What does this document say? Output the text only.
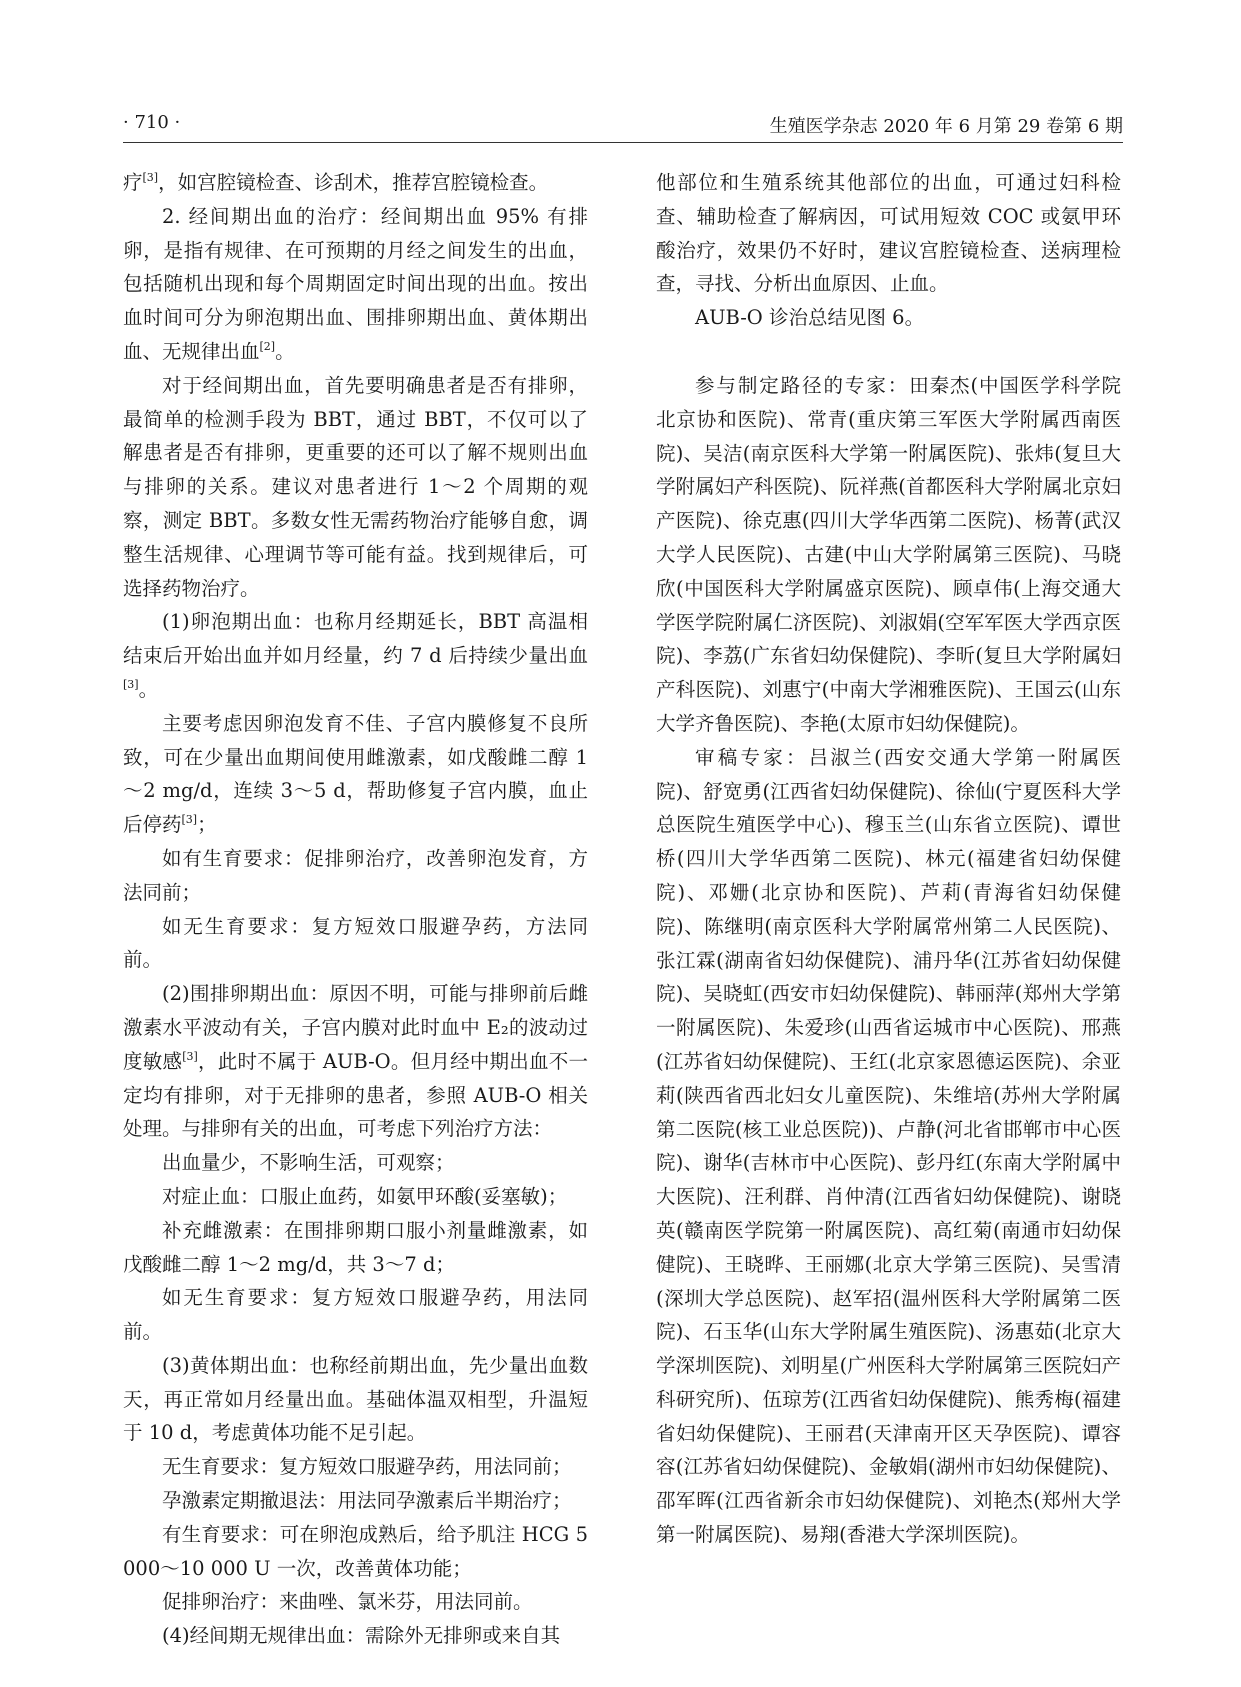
· 710 ·	生殖医学杂志 2020 年 6 月第 29 卷第 6 期

疗[3]，如宫腔镜检查、诊刮术，推荐宫腔镜检查。

2. 经间期出血的治疗：经间期出血 95% 有排卵，是指有规律、在可预期的月经之间发生的出血，包括随机出现和每个周期固定时间出现的出血。按出血时间可分为卵泡期出血、围排卵期出血、黄体期出血、无规律出血[2]。

对于经间期出血，首先要明确患者是否有排卵，最简单的检测手段为 BBT，通过 BBT，不仅可以了解患者是否有排卵，更重要的还可以了解不规则出血与排卵的关系。建议对患者进行 1～2 个周期的观察，测定 BBT。多数女性无需药物治疗能够自愈，调整生活规律、心理调节等可能有益。找到规律后，可选择药物治疗。

(1)卵泡期出血：也称月经期延长，BBT 高温相结束后开始出血并如月经量，约 7 d 后持续少量出血[3]。

主要考虑因卵泡发育不佳、子宫内膜修复不良所致，可在少量出血期间使用雌激素，如戊酸雌二醇 1～2 mg/d，连续 3～5 d，帮助修复子宫内膜，血止后停药[3]；

如有生育要求：促排卵治疗，改善卵泡发育，方法同前；

如无生育要求：复方短效口服避孕药，方法同前。

(2)围排卵期出血：原因不明，可能与排卵前后雌激素水平波动有关，子宫内膜对此时血中 E₂的波动过度敏感[3]，此时不属于 AUB-O。但月经中期出血不一定均有排卵，对于无排卵的患者，参照 AUB-O 相关处理。与排卵有关的出血，可考虑下列治疗方法：

出血量少，不影响生活，可观察；

对症止血：口服止血药，如氨甲环酸(妥塞敏)；

补充雌激素：在围排卵期口服小剂量雌激素，如戊酸雌二醇 1～2 mg/d，共 3～7 d；

如无生育要求：复方短效口服避孕药，用法同前。

(3)黄体期出血：也称经前期出血，先少量出血数天，再正常如月经量出血。基础体温双相型，升温短于 10 d，考虑黄体功能不足引起。

无生育要求：复方短效口服避孕药，用法同前；

孕激素定期撤退法：用法同孕激素后半期治疗；

有生育要求：可在卵泡成熟后，给予肌注 HCG 5 000～10 000 U 一次，改善黄体功能；

促排卵治疗：来曲唑、氯米芬，用法同前。

(4)经间期无规律出血：需除外无排卵或来自其

他部位和生殖系统其他部位的出血，可通过妇科检查、辅助检查了解病因，可试用短效 COC 或氨甲环酸治疗，效果仍不好时，建议宫腔镜检查、送病理检查，寻找、分析出血原因、止血。

AUB-O 诊治总结见图 6。

参与制定路径的专家：田秦杰(中国医学科学院北京协和医院)、常青(重庆第三军医大学附属西南医院)、吴洁(南京医科大学第一附属医院)、张炜(复旦大学附属妇产科医院)、阮祥燕(首都医科大学附属北京妇产医院)、徐克惠(四川大学华西第二医院)、杨菁(武汉大学人民医院)、古建(中山大学附属第三医院)、马晓欣(中国医科大学附属盛京医院)、顾卓伟(上海交通大学医学院附属仁济医院)、刘淑娟(空军军医大学西京医院)、李荔(广东省妇幼保健院)、李昕(复旦大学附属妇产科医院)、刘惠宁(中南大学湘雅医院)、王国云(山东大学齐鲁医院)、李艳(太原市妇幼保健院)。

审稿专家：吕淑兰(西安交通大学第一附属医院)、舒宽勇(江西省妇幼保健院)、徐仙(宁夏医科大学总医院生殖医学中心)、穆玉兰(山东省立医院)、谭世桥(四川大学华西第二医院)、林元(福建省妇幼保健院)、邓姗(北京协和医院)、芦莉(青海省妇幼保健院)、陈继明(南京医科大学附属常州第二人民医院)、张江霖(湖南省妇幼保健院)、浦丹华(江苏省妇幼保健院)、吴晓虹(西安市妇幼保健院)、韩丽萍(郑州大学第一附属医院)、朱爱珍(山西省运城市中心医院)、邢燕(江苏省妇幼保健院)、王红(北京家恩德运医院)、余亚莉(陕西省西北妇女儿童医院)、朱维培(苏州大学附属第二医院(核工业总医院))、卢静(河北省邯郸市中心医院)、谢华(吉林市中心医院)、彭丹红(东南大学附属中大医院)、汪利群、肖仲清(江西省妇幼保健院)、谢晓英(赣南医学院第一附属医院)、高红菊(南通市妇幼保健院)、王晓晔、王丽娜(北京大学第三医院)、吴雪清(深圳大学总医院)、赵军招(温州医科大学附属第二医院)、石玉华(山东大学附属生殖医院)、汤惠茹(北京大学深圳医院)、刘明星(广州医科大学附属第三医院妇产科研究所)、伍琼芳(江西省妇幼保健院)、熊秀梅(福建省妇幼保健院)、王丽君(天津南开区天孕医院)、谭容容(江苏省妇幼保健院)、金敏娟(湖州市妇幼保健院)、邵军晖(江西省新余市妇幼保健院)、刘艳杰(郑州大学第一附属医院)、易翔(香港大学深圳医院)。
